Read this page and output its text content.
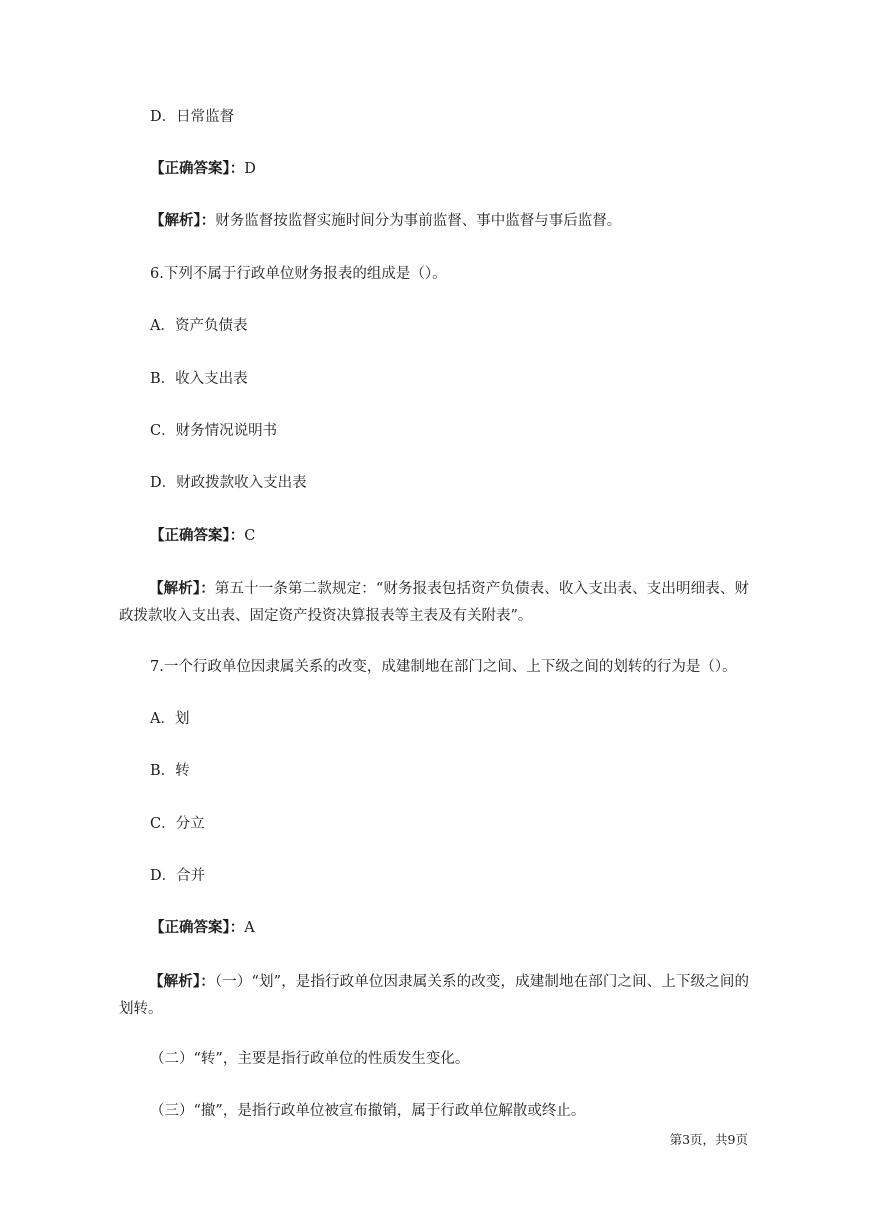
D．日常监督
【正确答案】：D
【解析】：财务监督按监督实施时间分为事前监督、事中监督与事后监督。
6.下列不属于行政单位财务报表的组成是（）。
A．资产负债表
B．收入支出表
C．财务情况说明书
D．财政拨款收入支出表
【正确答案】：C
【解析】：第五十一条第二款规定：“财务报表包括资产负债表、收入支出表、支出明细表、财政拨款收入支出表、固定资产投资决算报表等主表及有关附表”。
7.一个行政单位因隶属关系的改变，成建制地在部门之间、上下级之间的划转的行为是（）。
A．划
B．转
C．分立
D．合并
【正确答案】：A
【解析】：（一）“划”，是指行政单位因隶属关系的改变，成建制地在部门之间、上下级之间的划转。
（二）“转”，主要是指行政单位的性质发生变化。
（三）“撤”，是指行政单位被宣布撤销，属于行政单位解散或终止。
第3页，共9页
